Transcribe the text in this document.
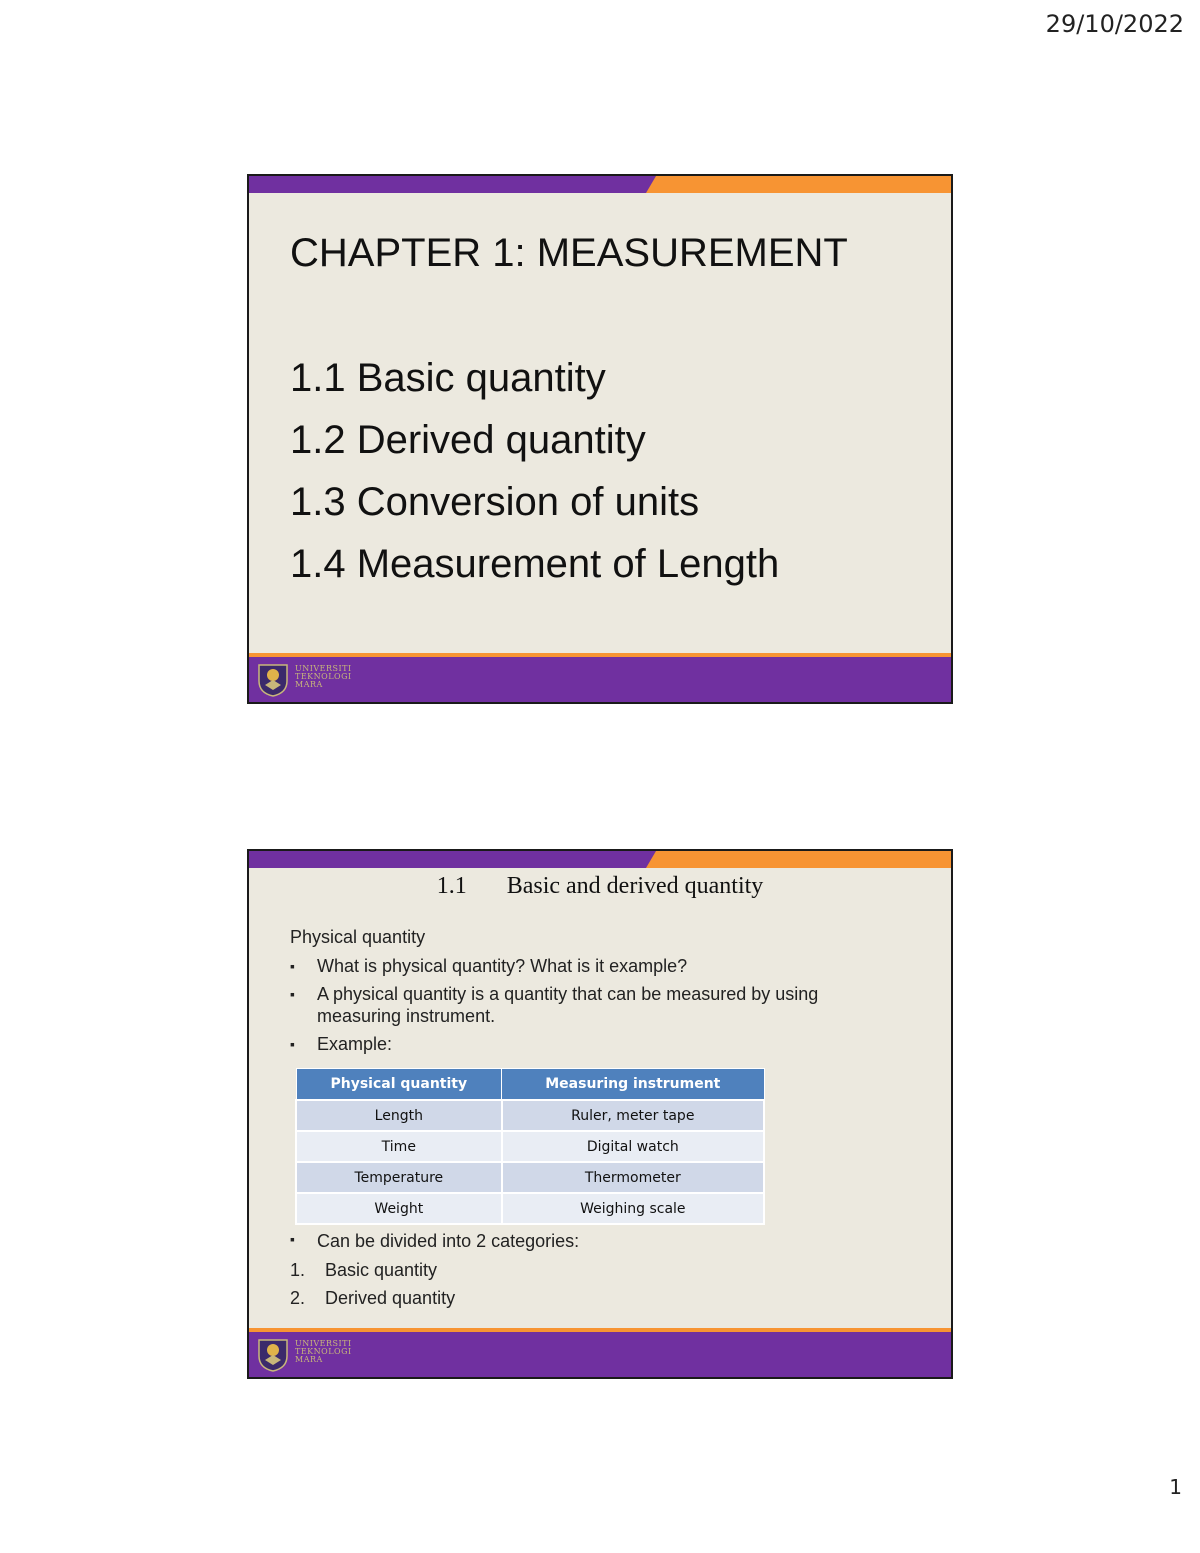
29/10/2022
CHAPTER 1: MEASUREMENT
1.1 Basic quantity
1.2 Derived quantity
1.3 Conversion of units
1.4 Measurement of Length
UNIVERSITI
TEKNOLOGI
MARA
1.1 Basic and derived quantity
Physical quantity
▪ What is physical quantity? What is it example?
▪ A physical quantity is a quantity that can be measured by using measuring instrument.
▪ Example:
Physical quantity	Measuring instrument
Length	Ruler, meter tape
Time	Digital watch
Temperature	Thermometer
Weight	Weighing scale
▪ Can be divided into 2 categories:
1. Basic quantity
2. Derived quantity
UNIVERSITI
TEKNOLOGI
MARA
1
